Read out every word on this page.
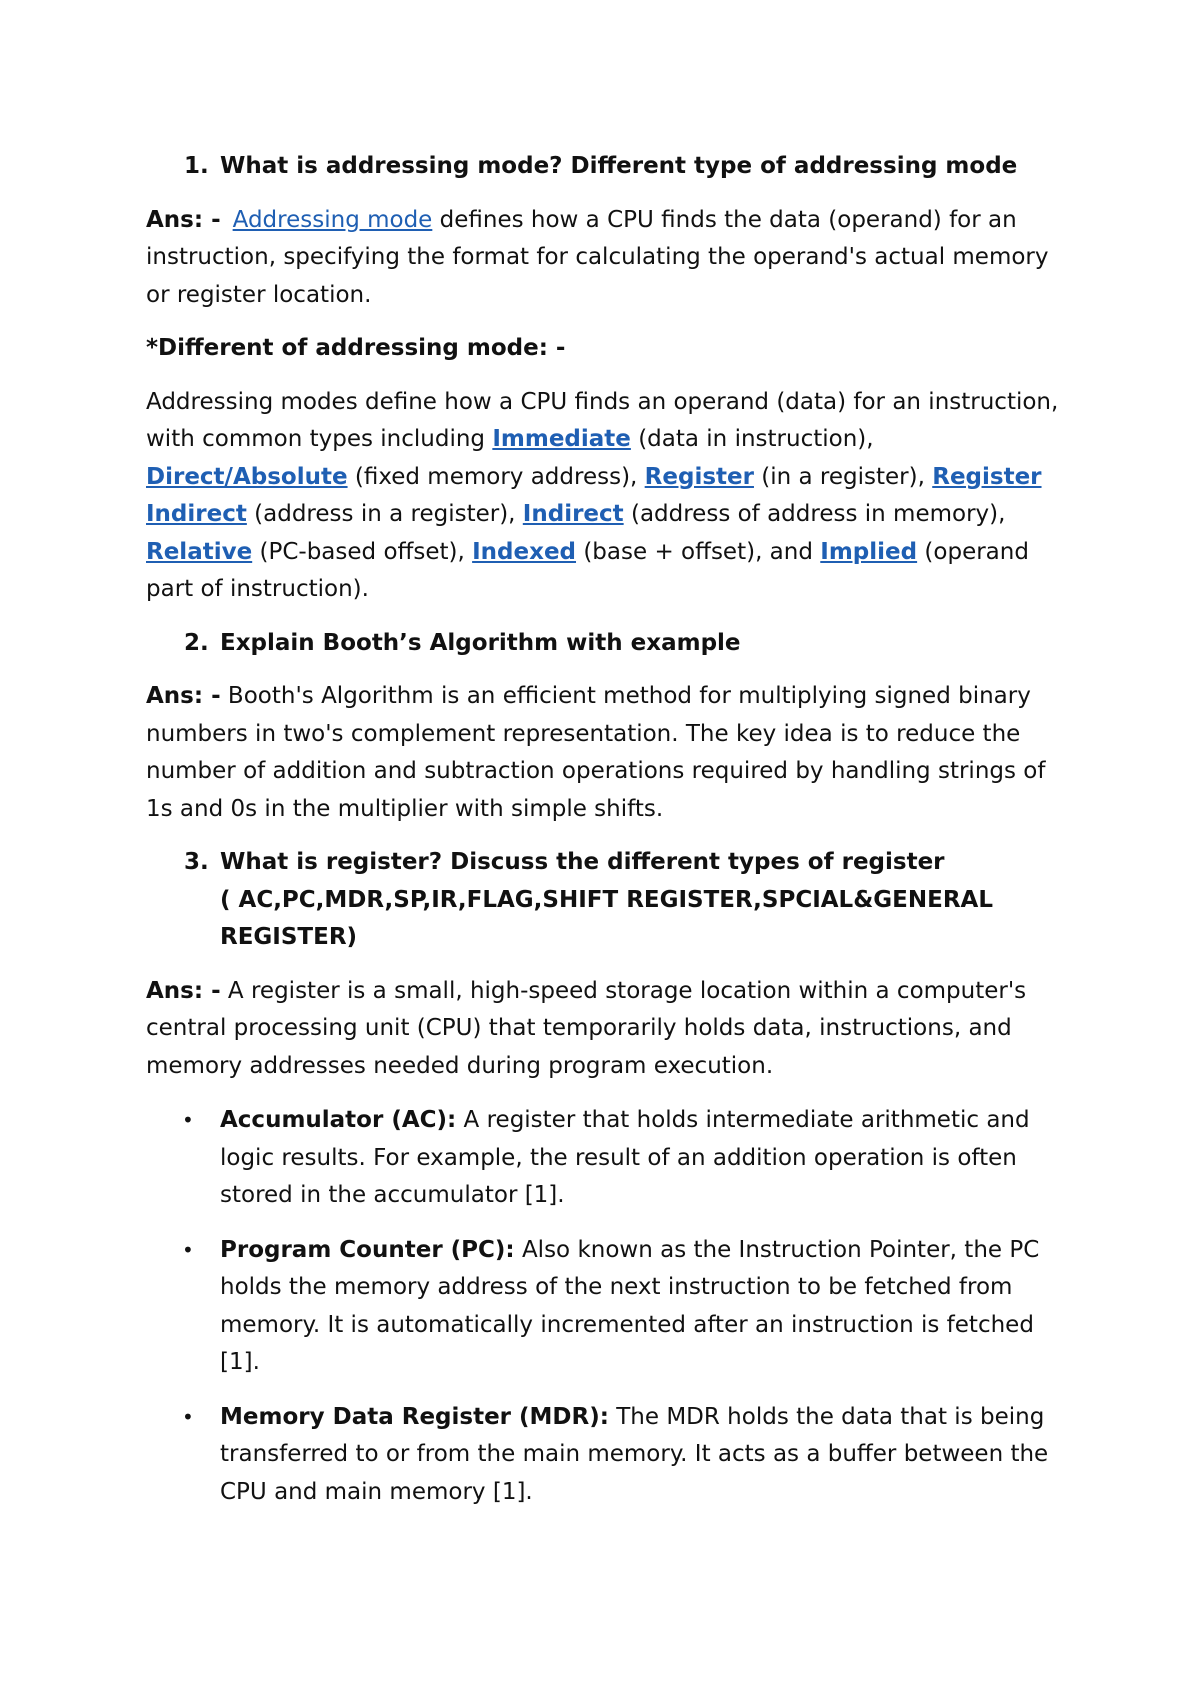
1. What is addressing mode? Different type of addressing mode

Ans: - Addressing mode defines how a CPU finds the data (operand) for an instruction, specifying the format for calculating the operand's actual memory or register location.

*Different of addressing mode: -

Addressing modes define how a CPU finds an operand (data) for an instruction, with common types including Immediate (data in instruction), Direct/Absolute (fixed memory address), Register (in a register), Register Indirect (address in a register), Indirect (address of address in memory), Relative (PC-based offset), Indexed (base + offset), and Implied (operand part of instruction).

2. Explain Booth’s Algorithm with example

Ans: - Booth's Algorithm is an efficient method for multiplying signed binary numbers in two's complement representation. The key idea is to reduce the number of addition and subtraction operations required by handling strings of 1s and 0s in the multiplier with simple shifts.

3. What is register? Discuss the different types of register
( AC,PC,MDR,SP,IR,FLAG,SHIFT REGISTER,SPCIAL&GENERAL REGISTER)

Ans: - A register is a small, high-speed storage location within a computer's central processing unit (CPU) that temporarily holds data, instructions, and memory addresses needed during program execution.

•	Accumulator (AC): A register that holds intermediate arithmetic and logic results. For example, the result of an addition operation is often stored in the accumulator [1].
•	Program Counter (PC): Also known as the Instruction Pointer, the PC holds the memory address of the next instruction to be fetched from memory. It is automatically incremented after an instruction is fetched [1].
•	Memory Data Register (MDR): The MDR holds the data that is being transferred to or from the main memory. It acts as a buffer between the CPU and main memory [1].
